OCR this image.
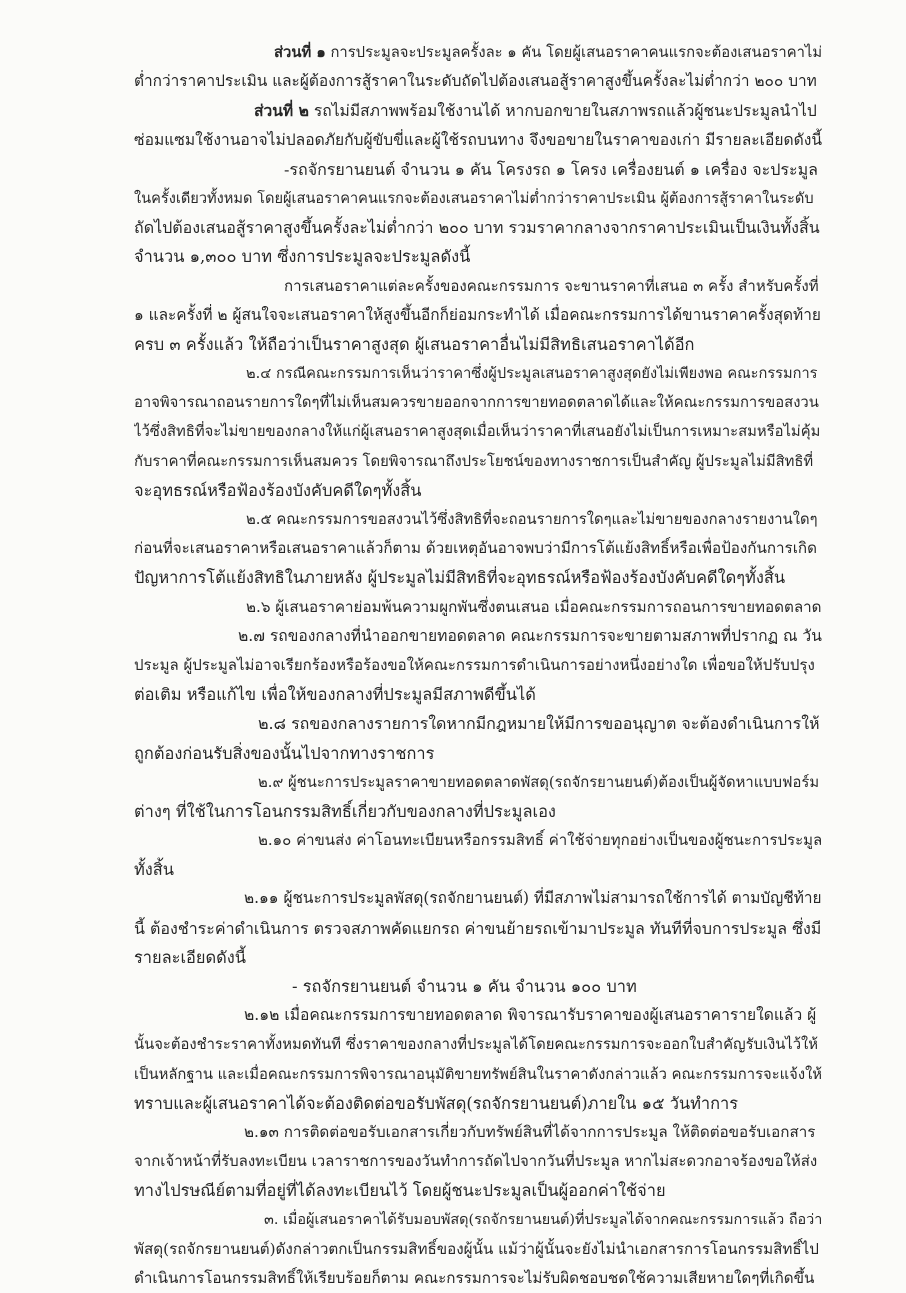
ส่วนที่ ๑ การประมูลจะประมูลครั้งละ ๑ คัน โดยผู้เสนอราคาคนแรกจะต้องเสนอราคาไม่
ต่ำกว่าราคาประเมิน และผู้ต้องการสู้ราคาในระดับถัดไปต้องเสนอสู้ราคาสูงขึ้นครั้งละไม่ต่ำกว่า ๒๐๐ บาท
ส่วนที่ ๒ รถไม่มีสภาพพร้อมใช้งานได้ หากบอกขายในสภาพรถแล้วผู้ชนะประมูลนำไป
ซ่อมแซมใช้งานอาจไม่ปลอดภัยกับผู้ขับขี่และผู้ใช้รถบนทาง จึงขอขายในราคาของเก่า มีรายละเอียดดังนี้
-รถจักรยานยนต์ จำนวน ๑ คัน โครงรถ ๑ โครง เครื่องยนต์ ๑ เครื่อง จะประมูล
ในครั้งเดียวทั้งหมด โดยผู้เสนอราคาคนแรกจะต้องเสนอราคาไม่ต่ำกว่าราคาประเมิน ผู้ต้องการสู้ราคาในระดับ
ถัดไปต้องเสนอสู้ราคาสูงขึ้นครั้งละไม่ต่ำกว่า ๒๐๐ บาท รวมราคากลางจากราคาประเมินเป็นเงินทั้งสิ้น
จำนวน ๑,๓๐๐ บาท ซึ่งการประมูลจะประมูลดังนี้
การเสนอราคาแต่ละครั้งของคณะกรรมการ จะขานราคาที่เสนอ ๓ ครั้ง สำหรับครั้งที่
๑ และครั้งที่ ๒ ผู้สนใจจะเสนอราคาให้สูงขึ้นอีกก็ย่อมกระทำได้ เมื่อคณะกรรมการได้ขานราคาครั้งสุดท้าย
ครบ ๓ ครั้งแล้ว ให้ถือว่าเป็นราคาสูงสุด ผู้เสนอราคาอื่นไม่มีสิทธิเสนอราคาได้อีก
๒.๔ กรณีคณะกรรมการเห็นว่าราคาซึ่งผู้ประมูลเสนอราคาสูงสุดยังไม่เพียงพอ คณะกรรมการ
อาจพิจารณาถอนรายการใดๆที่ไม่เห็นสมควรขายออกจากการขายทอดตลาดได้และให้คณะกรรมการขอสงวน
ไว้ซึ่งสิทธิที่จะไม่ขายของกลางให้แก่ผู้เสนอราคาสูงสุดเมื่อเห็นว่าราคาที่เสนอยังไม่เป็นการเหมาะสมหรือไม่คุ้ม
กับราคาที่คณะกรรมการเห็นสมควร โดยพิจารณาถึงประโยชน์ของทางราชการเป็นสำคัญ ผู้ประมูลไม่มีสิทธิที่
จะอุทธรณ์หรือฟ้องร้องบังคับคดีใดๆทั้งสิ้น
๒.๕ คณะกรรมการขอสงวนไว้ซึ่งสิทธิที่จะถอนรายการใดๆและไม่ขายของกลางรายงานใดๆ
ก่อนที่จะเสนอราคาหรือเสนอราคาแล้วก็ตาม ด้วยเหตุอันอาจพบว่ามีการโต้แย้งสิทธิ์หรือเพื่อป้องกันการเกิด
ปัญหาการโต้แย้งสิทธิในภายหลัง ผู้ประมูลไม่มีสิทธิที่จะอุทธรณ์หรือฟ้องร้องบังคับคดีใดๆทั้งสิ้น
๒.๖ ผู้เสนอราคาย่อมพ้นความผูกพันซึ่งตนเสนอ เมื่อคณะกรรมการถอนการขายทอดตลาด
๒.๗ รถของกลางที่นำออกขายทอดตลาด คณะกรรมการจะขายตามสภาพที่ปรากฏ ณ วัน
ประมูล ผู้ประมูลไม่อาจเรียกร้องหรือร้องขอให้คณะกรรมการดำเนินการอย่างหนึ่งอย่างใด เพื่อขอให้ปรับปรุง
ต่อเติม หรือแก้ไข เพื่อให้ของกลางที่ประมูลมีสภาพดีขึ้นได้
๒.๘ รถของกลางรายการใดหากมีกฎหมายให้มีการขออนุญาต จะต้องดำเนินการให้
ถูกต้องก่อนรับสิ่งของนั้นไปจากทางราชการ
๒.๙ ผู้ชนะการประมูลราคาขายทอดตลาดพัสดุ(รถจักรยานยนต์)ต้องเป็นผู้จัดหาแบบฟอร์ม
ต่างๆ ที่ใช้ในการโอนกรรมสิทธิ์เกี่ยวกับของกลางที่ประมูลเอง
๒.๑๐ ค่าขนส่ง ค่าโอนทะเบียนหรือกรรมสิทธิ์ ค่าใช้จ่ายทุกอย่างเป็นของผู้ชนะการประมูล
ทั้งสิ้น
๒.๑๑ ผู้ชนะการประมูลพัสดุ(รถจักยานยนต์) ที่มีสภาพไม่สามารถใช้การได้ ตามบัญชีท้าย
นี้ ต้องชำระค่าดำเนินการ ตรวจสภาพคัดแยกรถ ค่าขนย้ายรถเข้ามาประมูล ทันทีที่จบการประมูล ซึ่งมี
รายละเอียดดังนี้
- รถจักรยานยนต์ จำนวน ๑ คัน จำนวน ๑๐๐ บาท
๒.๑๒ เมื่อคณะกรรมการขายทอดตลาด พิจารณารับราคาของผู้เสนอราคารายใดแล้ว ผู้
นั้นจะต้องชำระราคาทั้งหมดทันที ซึ่งราคาของกลางที่ประมูลได้โดยคณะกรรมการจะออกใบสำคัญรับเงินไว้ให้
เป็นหลักฐาน และเมื่อคณะกรรมการพิจารณาอนุมัติขายทรัพย์สินในราคาดังกล่าวแล้ว คณะกรรมการจะแจ้งให้
ทราบและผู้เสนอราคาได้จะต้องติดต่อขอรับพัสดุ(รถจักรยานยนต์)ภายใน ๑๕ วันทำการ
๒.๑๓ การติดต่อขอรับเอกสารเกี่ยวกับทรัพย์สินที่ได้จากการประมูล ให้ติดต่อขอรับเอกสาร
จากเจ้าหน้าที่รับลงทะเบียน เวลาราชการของวันทำการถัดไปจากวันที่ประมูล หากไม่สะดวกอาจร้องขอให้ส่ง
ทางไปรษณีย์ตามที่อยู่ที่ได้ลงทะเบียนไว้ โดยผู้ชนะประมูลเป็นผู้ออกค่าใช้จ่าย
๓. เมื่อผู้เสนอราคาได้รับมอบพัสดุ(รถจักรยานยนต์)ที่ประมูลได้จากคณะกรรมการแล้ว ถือว่า
พัสดุ(รถจักรยานยนต์)ดังกล่าวตกเป็นกรรมสิทธิ์ของผู้นั้น แม้ว่าผู้นั้นจะยังไม่นำเอกสารการโอนกรรมสิทธิ์ไป
ดำเนินการโอนกรรมสิทธิ์ให้เรียบร้อยก็ตาม คณะกรรมการจะไม่รับผิดชอบชดใช้ความเสียหายใดๆที่เกิดขึ้น
